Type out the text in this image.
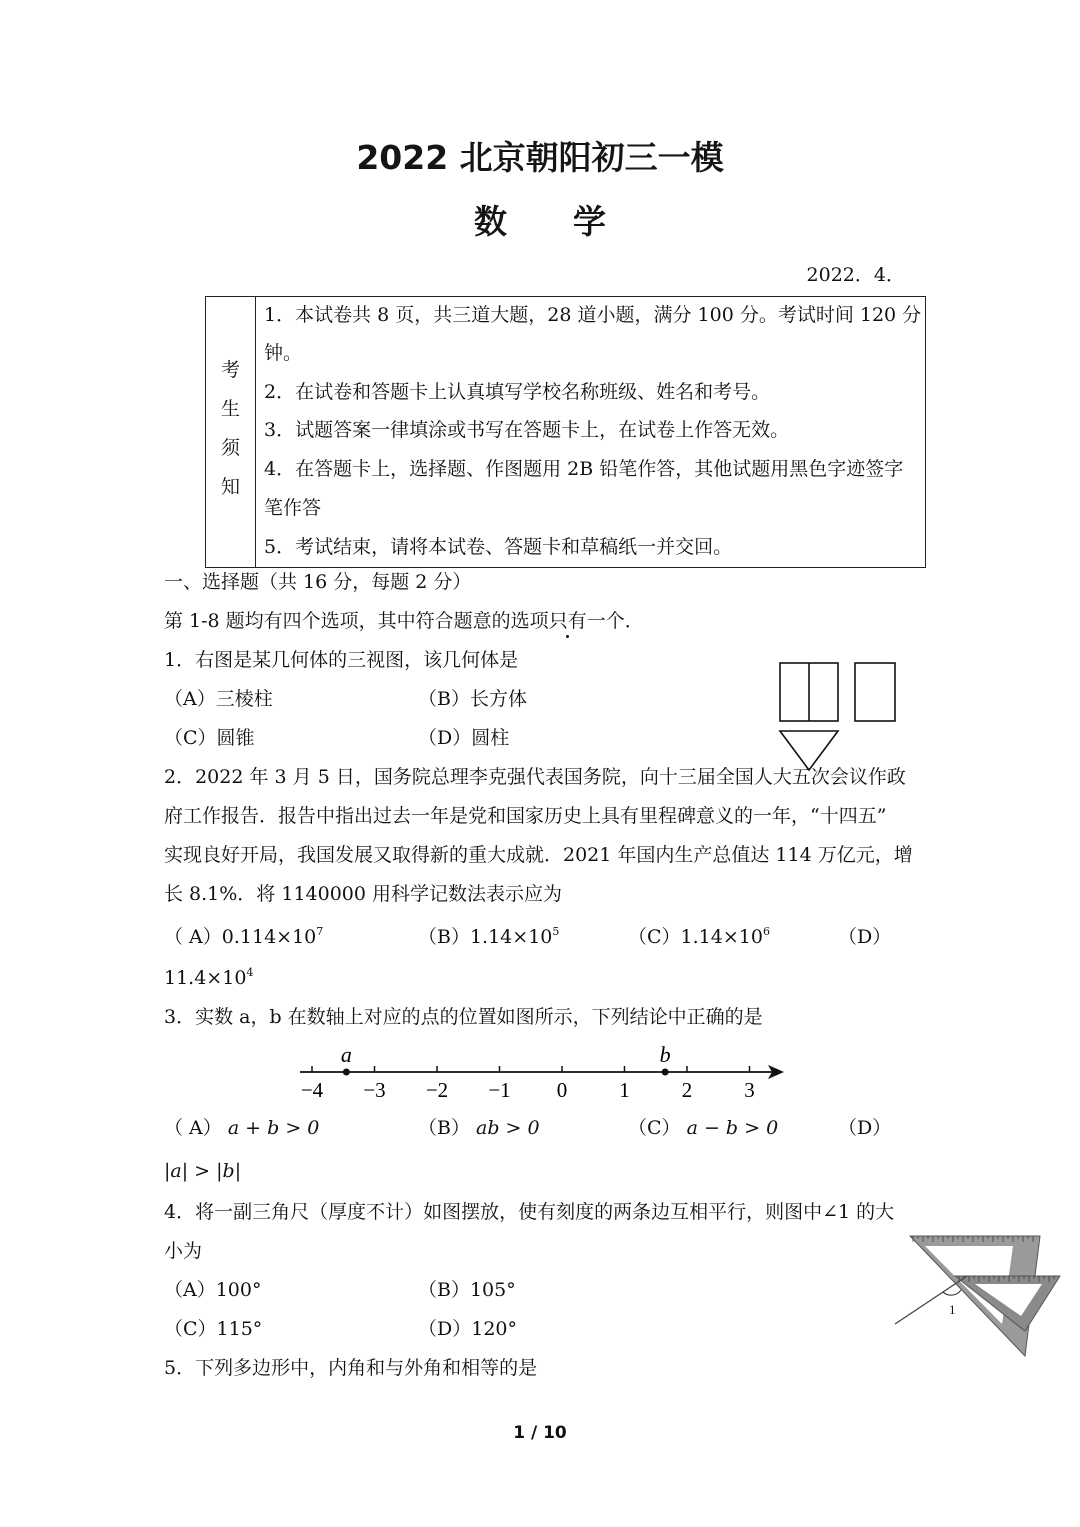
2022 北京朝阳初三一模
数　　学
2022．4．
考
生
须
知
1．本试卷共 8 页，共三道大题，28 道小题，满分 100 分。考试时间 120 分
钟。
2．在试卷和答题卡上认真填写学校名称班级、姓名和考号。
3．试题答案一律填涂或书写在答题卡上，在试卷上作答无效。
4．在答题卡上，选择题、作图题用 2B 铅笔作答，其他试题用黑色字迹签字
笔作答
5．考试结束，请将本试卷、答题卡和草稿纸一并交回。
一、选择题（共 16 分，每题 2 分）
第 1-8 题均有四个选项，其中符合题意的选项只有一个．
1．右图是某几何体的三视图，该几何体是
（A）三棱柱	（B）长方体
（C）圆锥	（D）圆柱
2．2022 年 3 月 5 日，国务院总理李克强代表国务院，向十三届全国人大五次会议作政
府工作报告．报告中指出过去一年是党和国家历史上具有里程碑意义的一年，“十四五”
实现良好开局，我国发展又取得新的重大成就．2021 年国内生产总值达 114 万亿元，增
长 8.1%．将 1140000 用科学记数法表示应为
（ $A)0.114\times 10^7$	$(B)1.14\times 10^5$	$(C)1.14\times 10^6$	（D）
$11.4\times 10^4$
3．实数 a，b 在数轴上对应的点的位置如图所示，下列结论中正确的是
−4 −3 −2 −1 0 1 2 3
a	b
（ A） a + b > 0	（B） ab > 0	（C） a − b > 0	（D）
|a| > |b|
4．将一副三角尺（厚度不计）如图摆放，使有刻度的两条边互相平行，则图中∠1 的大
小为
（A）100°	（B）105°
（C）115°	（D）120°
1
5．下列多边形中，内角和与外角和相等的是
1 / 10
